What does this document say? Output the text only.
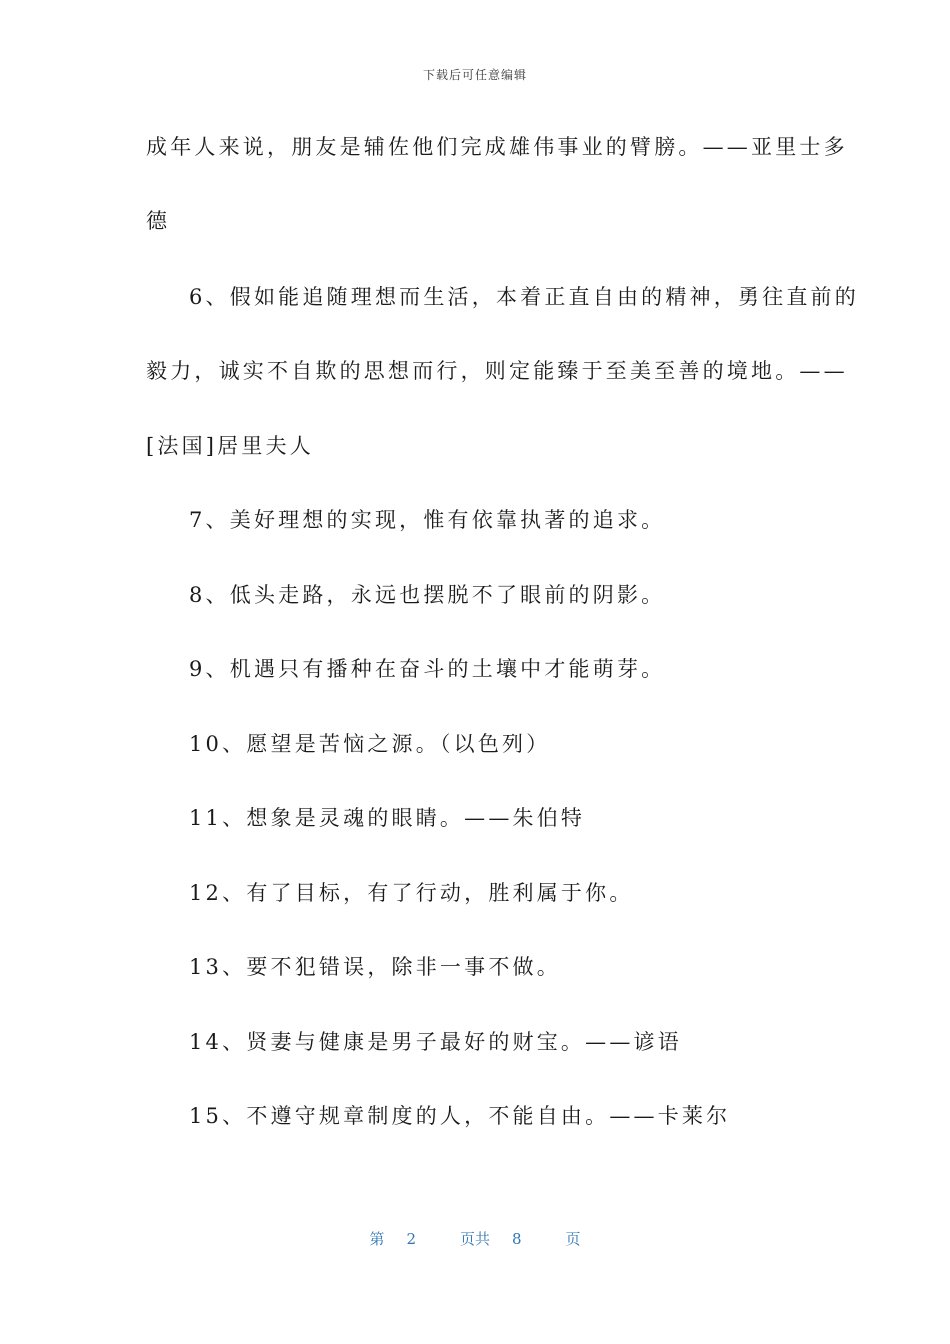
下载后可任意编辑
成年人来说，朋友是辅佐他们完成雄伟事业的臂膀。——亚里士多
德
6、假如能追随理想而生活，本着正直自由的精神，勇往直前的
毅力，诚实不自欺的思想而行，则定能臻于至美至善的境地。——
[法国]居里夫人
7、美好理想的实现，惟有依靠执著的追求。
8、低头走路，永远也摆脱不了眼前的阴影。
9、机遇只有播种在奋斗的土壤中才能萌芽。
10、愿望是苦恼之源。（以色列）
11、想象是灵魂的眼睛。——朱伯特
12、有了目标，有了行动，胜利属于你。
13、要不犯错误，除非一事不做。
14、贤妻与健康是男子最好的财宝。——谚语
15、不遵守规章制度的人，不能自由。——卡莱尔
第 2	页共 8	页
